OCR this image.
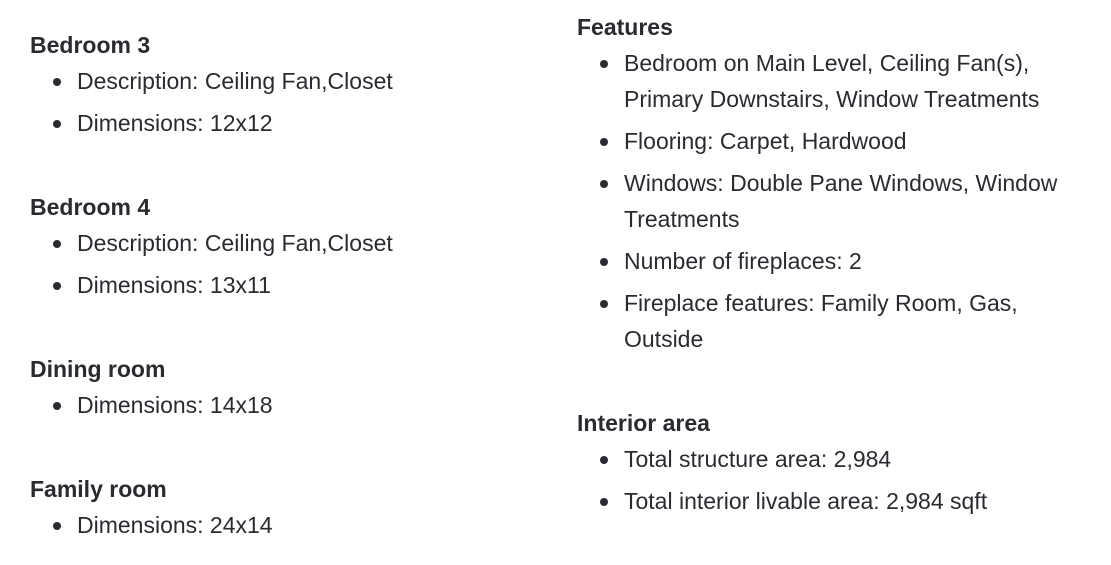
Bedroom 3
Description: Ceiling Fan,Closet
Dimensions: 12x12
Bedroom 4
Description: Ceiling Fan,Closet
Dimensions: 13x11
Dining room
Dimensions: 14x18
Family room
Dimensions: 24x14
Features
Bedroom on Main Level, Ceiling Fan(s), Primary Downstairs, Window Treatments
Flooring: Carpet, Hardwood
Windows: Double Pane Windows, Window Treatments
Number of fireplaces: 2
Fireplace features: Family Room, Gas, Outside
Interior area
Total structure area: 2,984
Total interior livable area: 2,984 sqft
